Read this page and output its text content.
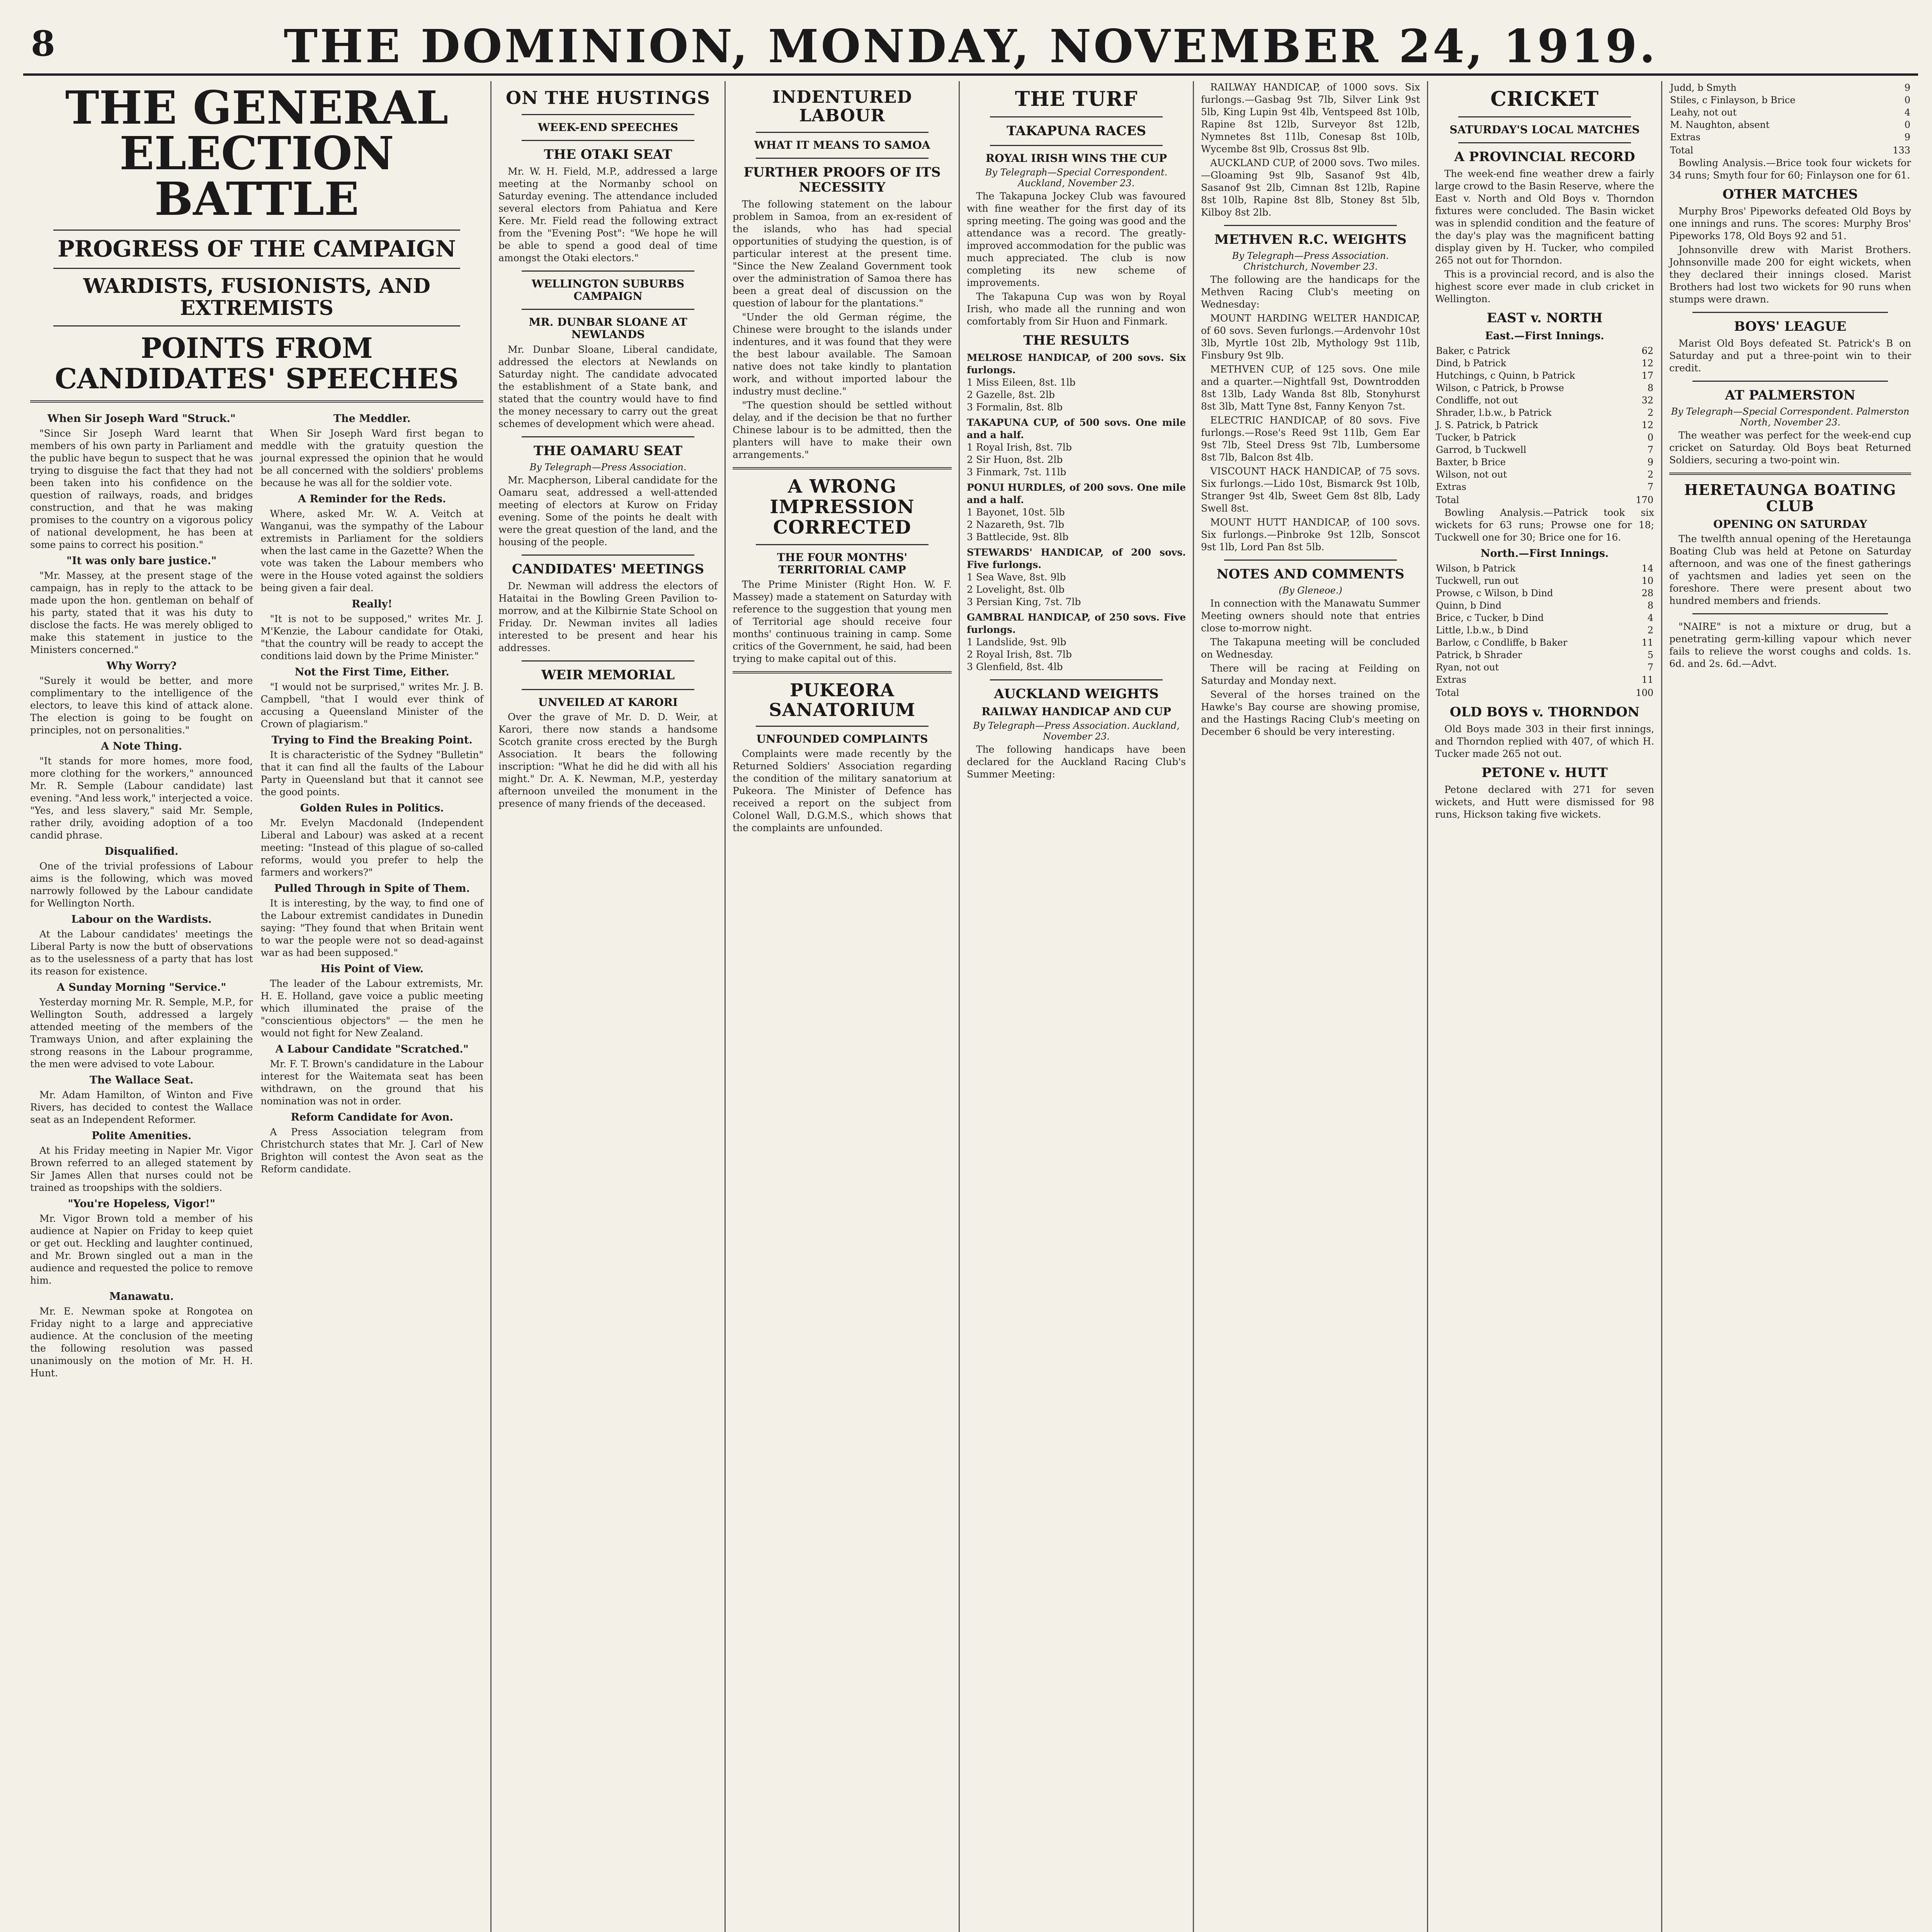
8	THE DOMINION, MONDAY, NOVEMBER 24, 1919.
THE GENERAL ELECTION BATTLE
PROGRESS OF THE CAMPAIGN
WARDISTS, FUSIONISTS, AND EXTREMISTS
POINTS FROM CANDIDATES' SPEECHES
When Sir Joseph Ward "Struck."

"Since Sir Joseph Ward learnt that members of his own party in Parliament and the public have begun to suspect that he was trying to disguise the fact that they had not been taken into his confidence on the question of railways, roads, and bridges construction, and that he was making promises to the country on a vigorous policy of national development, he has been at some pains to correct his position."

"It was only bare justice."

"Mr. Massey, at the present stage of the campaign, has in reply to the attack to be made upon the hon. gentleman on behalf of his party, stated that it was his duty to disclose the facts. He was merely obliged to make this statement in justice to the Ministers concerned."

Why Worry?

"Surely it would be better, and more complimentary to the intelligence of the electors, to leave this kind of attack alone. The election is going to be fought on principles, not on personalities."

A Note Thing.

"It stands for more homes, more food, more clothing for the workers," announced Mr. R. Semple (Labour candidate) last evening. "And less work," interjected a voice. "Yes, and less slavery," said Mr. Semple, rather drily, avoiding adoption of a too candid phrase.

Disqualified.

One of the trivial professions of Labour aims is the following, which was moved narrowly followed by the Labour candidate for Wellington North.

Labour on the Wardists.

At the Labour candidates' meetings the Liberal Party is now the butt of observations as to the uselessness of a party that has lost its reason for existence.

A Sunday Morning "Service."

Yesterday morning Mr. R. Semple, M.P., for Wellington South, addressed a largely attended meeting of the members of the Tramways Union, and after explaining the strong reasons in the Labour programme, the men were advised to vote Labour.

The Wallace Seat.

Mr. Adam Hamilton, of Winton and Five Rivers, has decided to contest the Wallace seat as an Independent Reformer.

Polite Amenities.

At his Friday meeting in Napier Mr. Vigor Brown referred to an alleged statement by Sir James Allen that nurses could not be trained as troopships with the soldiers.

"You're Hopeless, Vigor!"

Mr. Vigor Brown told a member of his audience at Napier on Friday to keep quiet or get out. Heckling and laughter continued, and Mr. Brown singled out a man in the audience and requested the police to remove him.

Manawatu.

Mr. E. Newman spoke at Rongotea on Friday night to a large and appreciative audience. At the conclusion of the meeting the following resolution was passed unanimously on the motion of Mr. H. H. Hunt.

The Meddler.

When Sir Joseph Ward first began to meddle with the gratuity question the journal expressed the opinion that he would be all concerned with the soldiers' problems because he was all for the soldier vote.

A Reminder for the Reds.

Where, asked Mr. W. A. Veitch at Wanganui, was the sympathy of the Labour extremists in Parliament for the soldiers when the last came in the Gazette? When the vote was taken the Labour members who were in the House voted against the soldiers being given a fair deal.

Really!

"It is not to be supposed," writes Mr. J. M'Kenzie, the Labour candidate for Otaki, "that the country will be ready to accept the conditions laid down by the Prime Minister."

Not the First Time, Either.

"I would not be surprised," writes Mr. J. B. Campbell, "that I would ever think of accusing a Queensland Minister of the Crown of plagiarism."

Trying to Find the Breaking Point.

It is characteristic of the Sydney "Bulletin" that it can find all the faults of the Labour Party in Queensland but that it cannot see the good points.

Golden Rules in Politics.

Mr. Evelyn Macdonald (Independent Liberal and Labour) was asked at a recent meeting: "Instead of this plague of so-called reforms, would you prefer to help the farmers and workers?"

Pulled Through in Spite of Them.

It is interesting, by the way, to find one of the Labour extremist candidates in Dunedin saying: "They found that when Britain went to war the people were not so dead-against war as had been supposed."

His Point of View.

The leader of the Labour extremists, Mr. H. E. Holland, gave voice a public meeting which illuminated the praise of the "conscientious objectors" — the men he would not fight for New Zealand.

A Labour Candidate "Scratched."

Mr. F. T. Brown's candidature in the Labour interest for the Waitemata seat has been withdrawn, on the ground that his nomination was not in order.

Reform Candidate for Avon.

A Press Association telegram from Christchurch states that Mr. J. Carl of New Brighton will contest the Avon seat as the Reform candidate.

ON THE HUSTINGS
WEEK-END SPEECHES
THE OTAKI SEAT

Mr. W. H. Field, M.P., addressed a large meeting at the Normanby school on Saturday evening. The attendance included several electors from Pahiatua and Kere Kere. Mr. Field read the following extract from the "Evening Post": "We hope he will be able to spend a good deal of time amongst the Otaki electors."

WELLINGTON SUBURBS CAMPAIGN
MR. DUNBAR SLOANE AT NEWLANDS

Mr. Dunbar Sloane, Liberal candidate, addressed the electors at Newlands on Saturday night. The candidate advocated the establishment of a State bank, and stated that the country would have to find the money necessary to carry out the great schemes of development which were ahead.

THE OAMARU SEAT
By Telegraph—Press Association.

Mr. Macpherson, Liberal candidate for the Oamaru seat, addressed a well-attended meeting of electors at Kurow on Friday evening. Some of the points he dealt with were the great question of the land, and the housing of the people.

CANDIDATES' MEETINGS

Dr. Newman will address the electors of Hataitai in the Bowling Green Pavilion to-morrow, and at the Kilbirnie State School on Friday. Dr. Newman invites all ladies interested to be present and hear his addresses.

WEIR MEMORIAL
UNVEILED AT KARORI

Over the grave of Mr. D. D. Weir, at Karori, there now stands a handsome Scotch granite cross erected by the Burgh Association. It bears the following inscription: "What he did he did with all his might." Dr. A. K. Newman, M.P., yesterday afternoon unveiled the monument in the presence of many friends of the deceased.

INDENTURED LABOUR
WHAT IT MEANS TO SAMOA
FURTHER PROOFS OF ITS NECESSITY

The following statement on the labour problem in Samoa, from an ex-resident of the islands, who has had special opportunities of studying the question, is of particular interest at the present time. "Since the New Zealand Government took over the administration of Samoa there has been a great deal of discussion on the question of labour for the plantations."

"Under the old German régime, the Chinese were brought to the islands under indentures, and it was found that they were the best labour available. The Samoan native does not take kindly to plantation work, and without imported labour the industry must decline."

"The question should be settled without delay, and if the decision be that no further Chinese labour is to be admitted, then the planters will have to make their own arrangements."

A WRONG IMPRESSION CORRECTED
THE FOUR MONTHS' TERRITORIAL CAMP

The Prime Minister (Right Hon. W. F. Massey) made a statement on Saturday with reference to the suggestion that young men of Territorial age should receive four months' continuous training in camp. Some critics of the Government, he said, had been trying to make capital out of this.

PUKEORA SANATORIUM
UNFOUNDED COMPLAINTS

Complaints were made recently by the Returned Soldiers' Association regarding the condition of the military sanatorium at Pukeora. The Minister of Defence has received a report on the subject from Colonel Wall, D.G.M.S., which shows that the complaints are unfounded.

THE TURF
TAKAPUNA RACES
ROYAL IRISH WINS THE CUP
By Telegraph—Special Correspondent. Auckland, November 23.

The Takapuna Jockey Club was favoured with fine weather for the first day of its spring meeting. The going was good and the attendance was a record. The greatly-improved accommodation for the public was much appreciated. The club is now completing its new scheme of improvements.

The Takapuna Cup was won by Royal Irish, who made all the running and won comfortably from Sir Huon and Finmark.

THE RESULTS
MELROSE HANDICAP, of 200 sovs. Six furlongs.
1 Miss Eileen, 8st. 1lb
2 Gazelle, 8st. 2lb
3 Formalin, 8st. 8lb
TAKAPUNA CUP, of 500 sovs. One mile and a half.
1 Royal Irish, 8st. 7lb
2 Sir Huon, 8st. 2lb
3 Finmark, 7st. 11lb
PONUI HURDLES, of 200 sovs. One mile and a half.
1 Bayonet, 10st. 5lb
2 Nazareth, 9st. 7lb
3 Battlecide, 9st. 8lb
STEWARDS' HANDICAP, of 200 sovs. Five furlongs.
1 Sea Wave, 8st. 9lb
2 Lovelight, 8st. 0lb
3 Persian King, 7st. 7lb
GAMBRAL HANDICAP, of 250 sovs. Five furlongs.
1 Landslide, 9st. 9lb
2 Royal Irish, 8st. 7lb
3 Glenfield, 8st. 4lb
AUCKLAND WEIGHTS
RAILWAY HANDICAP AND CUP
By Telegraph—Press Association. Auckland, November 23.

The following handicaps have been declared for the Auckland Racing Club's Summer Meeting:

RAILWAY HANDICAP, of 1000 sovs. Six furlongs.—Gasbag 9st 7lb, Silver Link 9st 5lb, King Lupin 9st 4lb, Ventspeed 8st 10lb, Rapine 8st 12lb, Surveyor 8st 12lb, Nymnetes 8st 11lb, Conesap 8st 10lb, Wycembe 8st 9lb, Crossus 8st 9lb.

AUCKLAND CUP, of 2000 sovs. Two miles.—Gloaming 9st 9lb, Sasanof 9st 4lb, Sasanof 9st 2lb, Cimnan 8st 12lb, Rapine 8st 10lb, Rapine 8st 8lb, Stoney 8st 5lb, Kilboy 8st 2lb.

METHVEN R.C. WEIGHTS
By Telegraph—Press Association. Christchurch, November 23.

The following are the handicaps for the Methven Racing Club's meeting on Wednesday:

MOUNT HARDING WELTER HANDICAP, of 60 sovs. Seven furlongs.—Ardenvohr 10st 3lb, Myrtle 10st 2lb, Mythology 9st 11lb, Finsbury 9st 9lb.

METHVEN CUP, of 125 sovs. One mile and a quarter.—Nightfall 9st, Downtrodden 8st 13lb, Lady Wanda 8st 8lb, Stonyhurst 8st 3lb, Matt Tyne 8st, Fanny Kenyon 7st.

ELECTRIC HANDICAP, of 80 sovs. Five furlongs.—Rose's Reed 9st 11lb, Gem Ear 9st 7lb, Steel Dress 9st 7lb, Lumbersome 8st 7lb, Balcon 8st 4lb.

VISCOUNT HACK HANDICAP, of 75 sovs. Six furlongs.—Lido 10st, Bismarck 9st 10lb, Stranger 9st 4lb, Sweet Gem 8st 8lb, Lady Swell 8st.

MOUNT HUTT HANDICAP, of 100 sovs. Six furlongs.—Pinbroke 9st 12lb, Sonscot 9st 1lb, Lord Pan 8st 5lb.

NOTES AND COMMENTS
(By Gleneoe.)

In connection with the Manawatu Summer Meeting owners should note that entries close to-morrow night.

The Takapuna meeting will be concluded on Wednesday.

There will be racing at Feilding on Saturday and Monday next.

Several of the horses trained on the Hawke's Bay course are showing promise, and the Hastings Racing Club's meeting on December 6 should be very interesting.

CRICKET
SATURDAY'S LOCAL MATCHES
A PROVINCIAL RECORD

The week-end fine weather drew a fairly large crowd to the Basin Reserve, where the East v. North and Old Boys v. Thorndon fixtures were concluded. The Basin wicket was in splendid condition and the feature of the day's play was the magnificent batting display given by H. Tucker, who compiled 265 not out for Thorndon.

This is a provincial record, and is also the highest score ever made in club cricket in Wellington.

EAST v. NORTH
East.—First Innings.
Baker, c Patrick	62
Dind, b Patrick	12
Hutchings, c Quinn, b Patrick	17
Wilson, c Patrick, b Prowse	8
Condliffe, not out	32
Shrader, l.b.w., b Patrick	2
J. S. Patrick, b Patrick	12
Tucker, b Patrick	0
Garrod, b Tuckwell	7
Baxter, b Brice	9
Wilson, not out	2
Extras	7
Total	170

Bowling Analysis.—Patrick took six wickets for 63 runs; Prowse one for 18; Tuckwell one for 30; Brice one for 16.

North.—First Innings.
Wilson, b Patrick	14
Tuckwell, run out	10
Prowse, c Wilson, b Dind	28
Quinn, b Dind	8
Brice, c Tucker, b Dind	4
Little, l.b.w., b Dind	2
Barlow, c Condliffe, b Baker	11
Patrick, b Shrader	5
Ryan, not out	7
Extras	11
Total	100
OLD BOYS v. THORNDON

Old Boys made 303 in their first innings, and Thorndon replied with 407, of which H. Tucker made 265 not out.

PETONE v. HUTT

Petone declared with 271 for seven wickets, and Hutt were dismissed for 98 runs, Hickson taking five wickets.

Judd, b Smyth	9
Stiles, c Finlayson, b Brice	0
Leahy, not out	4
M. Naughton, absent	0
Extras	9
Total	133

Bowling Analysis.—Brice took four wickets for 34 runs; Smyth four for 60; Finlayson one for 61.

OTHER MATCHES

Murphy Bros' Pipeworks defeated Old Boys by one innings and runs. The scores: Murphy Bros' Pipeworks 178, Old Boys 92 and 51.

Johnsonville drew with Marist Brothers. Johnsonville made 200 for eight wickets, when they declared their innings closed. Marist Brothers had lost two wickets for 90 runs when stumps were drawn.

BOYS' LEAGUE

Marist Old Boys defeated St. Patrick's B on Saturday and put a three-point win to their credit.

AT PALMERSTON
By Telegraph—Special Correspondent. Palmerston North, November 23.

The weather was perfect for the week-end cup cricket on Saturday. Old Boys beat Returned Soldiers, securing a two-point win.

HERETAUNGA BOATING CLUB
OPENING ON SATURDAY

The twelfth annual opening of the Heretaunga Boating Club was held at Petone on Saturday afternoon, and was one of the finest gatherings of yachtsmen and ladies yet seen on the foreshore. There were present about two hundred members and friends.

"NAIRE" is not a mixture or drug, but a penetrating germ-killing vapour which never fails to relieve the worst coughs and colds. 1s. 6d. and 2s. 6d.—Advt.
